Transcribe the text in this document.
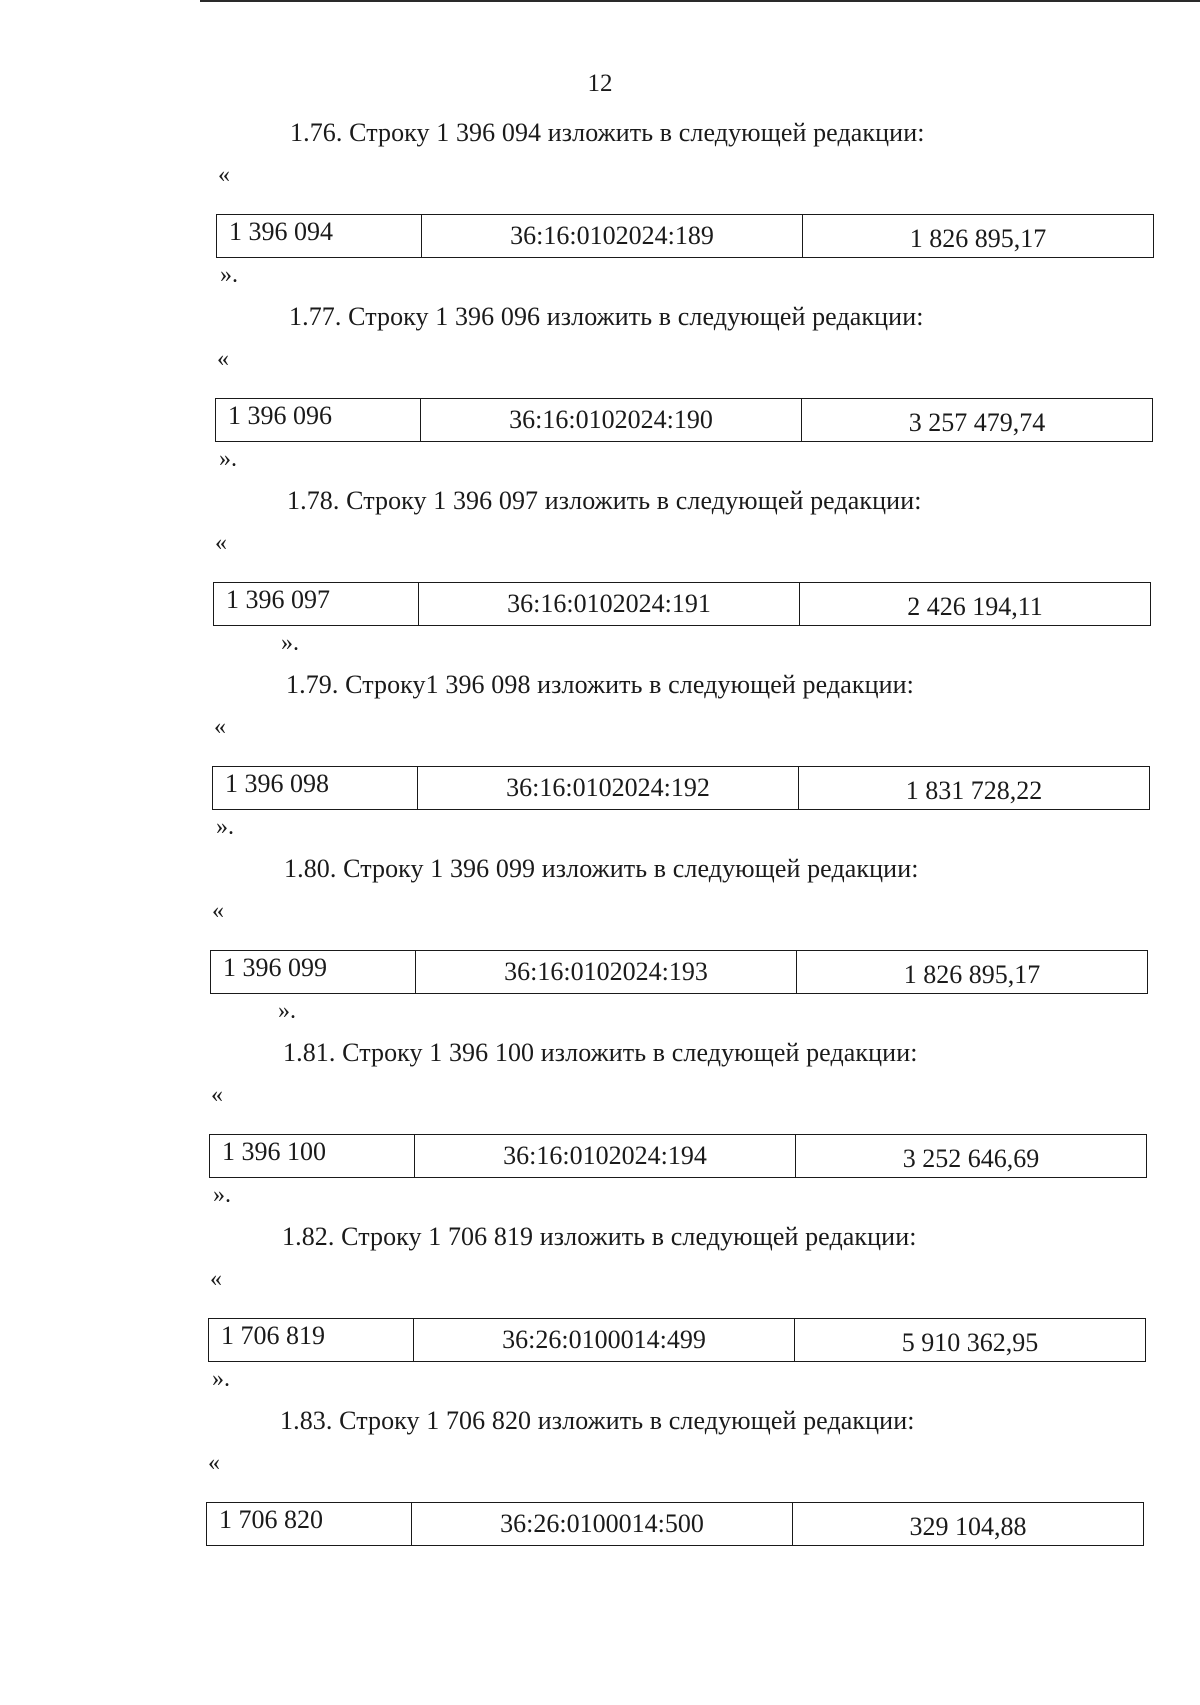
12
1.76. Строку 1 396 094 изложить в следующей редакции:
«
1 396 094	36:16:0102024:189	1 826 895,17
».
1.77. Строку 1 396 096 изложить в следующей редакции:
«
1 396 096	36:16:0102024:190	3 257 479,74
».
1.78. Строку 1 396 097 изложить в следующей редакции:
«
1 396 097	36:16:0102024:191	2 426 194,11
».
1.79. Строку1 396 098 изложить в следующей редакции:
«
1 396 098	36:16:0102024:192	1 831 728,22
».
1.80. Строку 1 396 099 изложить в следующей редакции:
«
1 396 099	36:16:0102024:193	1 826 895,17
».
1.81. Строку 1 396 100 изложить в следующей редакции:
«
1 396 100	36:16:0102024:194	3 252 646,69
».
1.82. Строку 1 706 819 изложить в следующей редакции:
«
1 706 819	36:26:0100014:499	5 910 362,95
».
1.83. Строку 1 706 820 изложить в следующей редакции:
«
1 706 820	36:26:0100014:500	329 104,88
